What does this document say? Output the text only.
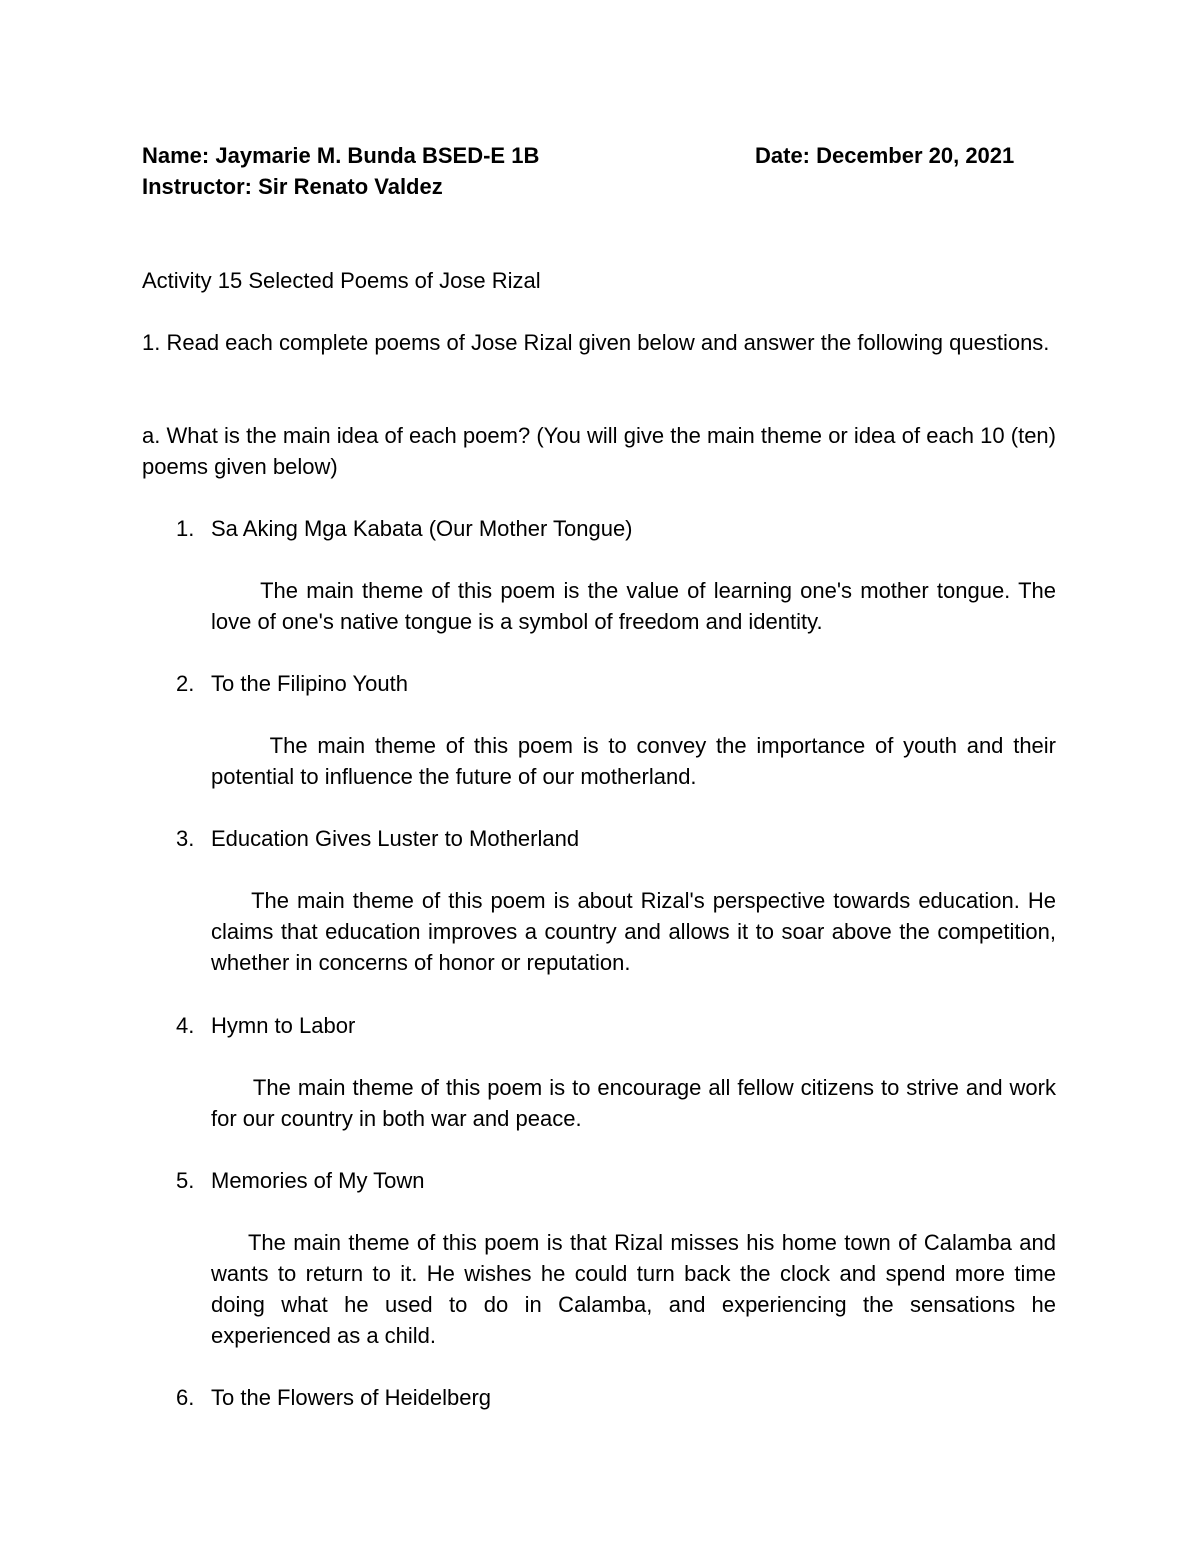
Name: Jaymarie M. Bunda BSED-E 1B	Date: December 20, 2021
Instructor: Sir Renato Valdez
Activity 15 Selected Poems of Jose Rizal
1. Read each complete poems of Jose Rizal given below and answer the following questions.
a. What is the main idea of each poem? (You will give the main theme or idea of each 10 (ten) poems given below)
1. Sa Aking Mga Kabata (Our Mother Tongue)
The main theme of this poem is the value of learning one's mother tongue. The love of one's native tongue is a symbol of freedom and identity.
2. To the Filipino Youth
The main theme of this poem is to convey the importance of youth and their potential to influence the future of our motherland.
3. Education Gives Luster to Motherland
The main theme of this poem is about Rizal's perspective towards education. He claims that education improves a country and allows it to soar above the competition, whether in concerns of honor or reputation.
4. Hymn to Labor
The main theme of this poem is to encourage all fellow citizens to strive and work for our country in both war and peace.
5. Memories of My Town
The main theme of this poem is that Rizal misses his home town of Calamba and wants to return to it. He wishes he could turn back the clock and spend more time doing what he used to do in Calamba, and experiencing the sensations he experienced as a child.
6. To the Flowers of Heidelberg
